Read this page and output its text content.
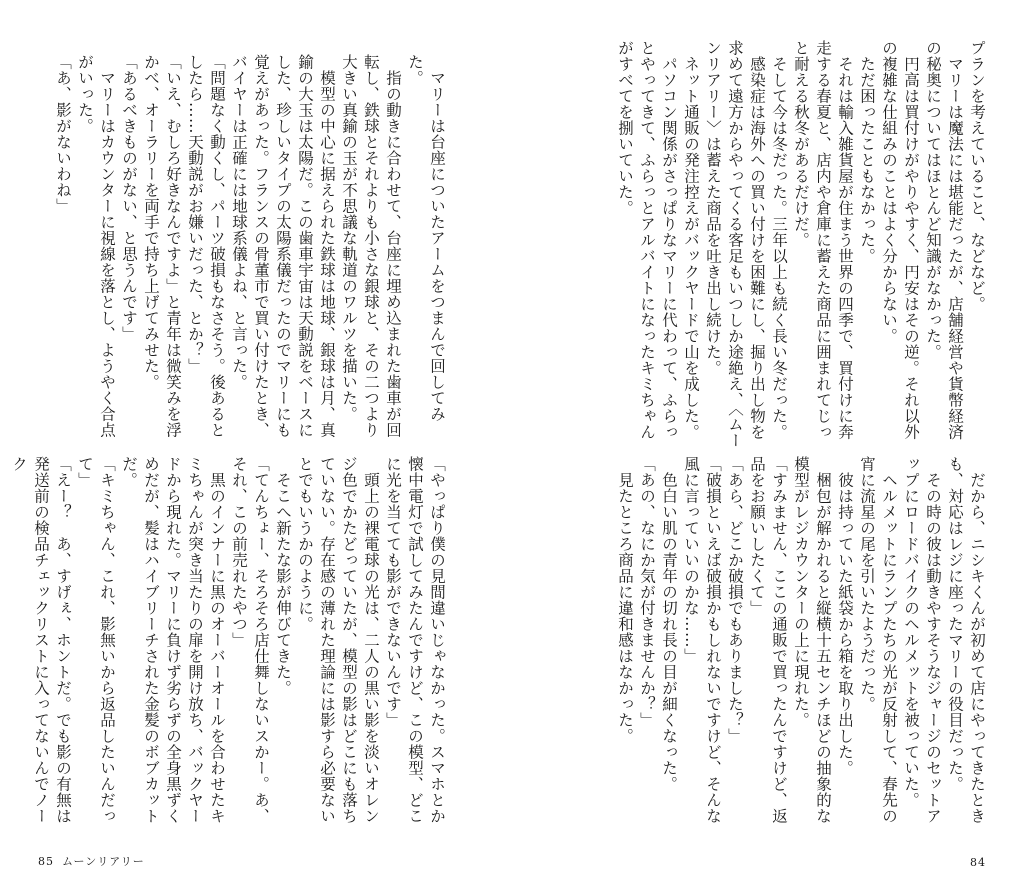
マリーは台座についたアームをつまんで回してみた。

指の動きに合わせて、台座に埋め込まれた歯車が回転し、鉄球とそれよりも小さな銀球と、その二つより大きい真鍮の玉が不思議な軌道のワルツを描いた。

模型の中心に据えられた鉄球は地球、銀球は月、真鍮の大玉は太陽だ。この歯車宇宙は天動説をベースにした、珍しいタイプの太陽系儀だったのでマリーにも覚えがあった。フランスの骨董市で買い付けたとき、バイヤーは正確には地球系儀よね、と言った。

「問題なく動くし、パーツ破損もなさそう。後あるとしたら……天動説がお嫌いだった、とか？」

「いえ、むしろ好きなんですよ」と青年は微笑みを浮かべ、オーラリーを両手で持ち上げてみせた。

「あるべきものがない、と思うんです」

マリーはカウンターに視線を落とし、ようやく合点がいった。

「あ、影がないわね」

「やっぱり僕の見間違いじゃなかった。スマホとか懐中電灯で試してみたんですけど、この模型、どこに光を当てても影ができないんです」

頭上の裸電球の光は、二人の黒い影を淡いオレンジ色でかたどっていたが、模型の影はどこにも落ちていない。存在感の薄れた理論には影すら必要ないとでもいうかのように。

そこへ新たな影が伸びてきた。

「てんちょー、そろそろ店仕舞しないスかー。あ、それ、この前売れたやつ」

黒のインナーに黒のオーバーオールを合わせたキミちゃんが突き当たりの扉を開け放ち、バックヤードから現れた。マリーに負けず劣らずの全身黒ずくめだが、髪はハイブリーチされた金髪のボブカットだ。

「キミちゃん、これ、影無いから返品したいんだって」

「えー？　あ、すげぇ、ホントだ。でも影の有無は発送前の検品チェックリストに入ってないんでノーク

プランを考えていること、などなど。

マリーは魔法には堪能だったが、店舗経営や貨幣経済の秘奥についてはほとんど知識がなかった。

円高は買付けがやりやすく、円安はその逆。それ以外の複雑な仕組みのことはよく分からない。

ただ困ったこともなかった。

それは輸入雑貨屋が住まう世界の四季で、買付けに奔走する春夏と、店内や倉庫に蓄えた商品に囲まれてじっと耐える秋冬があるだけだ。

そして今は冬だった。三年以上も続く長い冬だった。

感染症は海外への買い付けを困難にし、掘り出し物を求めて遠方からやってくる客足もいつしか途絶え、〈ムーンリアリー〉は蓄えた商品を吐き出し続けた。

ネット通販の発注控えがバックヤードで山を成した。

パソコン関係がさっぱりなマリーに代わって、ふらっとやってきて、ふらっとアルバイトになったキミちゃんがすべてを捌いていた。

だから、ニシキくんが初めて店にやってきたときも、対応はレジに座ったマリーの役目だった。

その時の彼は動きやすそうなジャージのセットアップにロードバイクのヘルメットを被っていた。

ヘルメットにランプたちの光が反射して、春先の宵に流星の尾を引いたようだった。

彼は持っていた紙袋から箱を取り出した。

梱包が解かれると縦横十五センチほどの抽象的な模型がレジカウンターの上に現れた。

「すみません、ここの通販で買ったんですけど、返品をお願いしたくて」

「あら、どこか破損でもありました？」

「破損といえば破損かもしれないですけど、そんな風に言っていいのかな……」

色白い肌の青年の切れ長の目が細くなった。

「あの、なにか気が付きませんか？」

見たところ商品に違和感はなかった。

85 ムーンリアリー	84
